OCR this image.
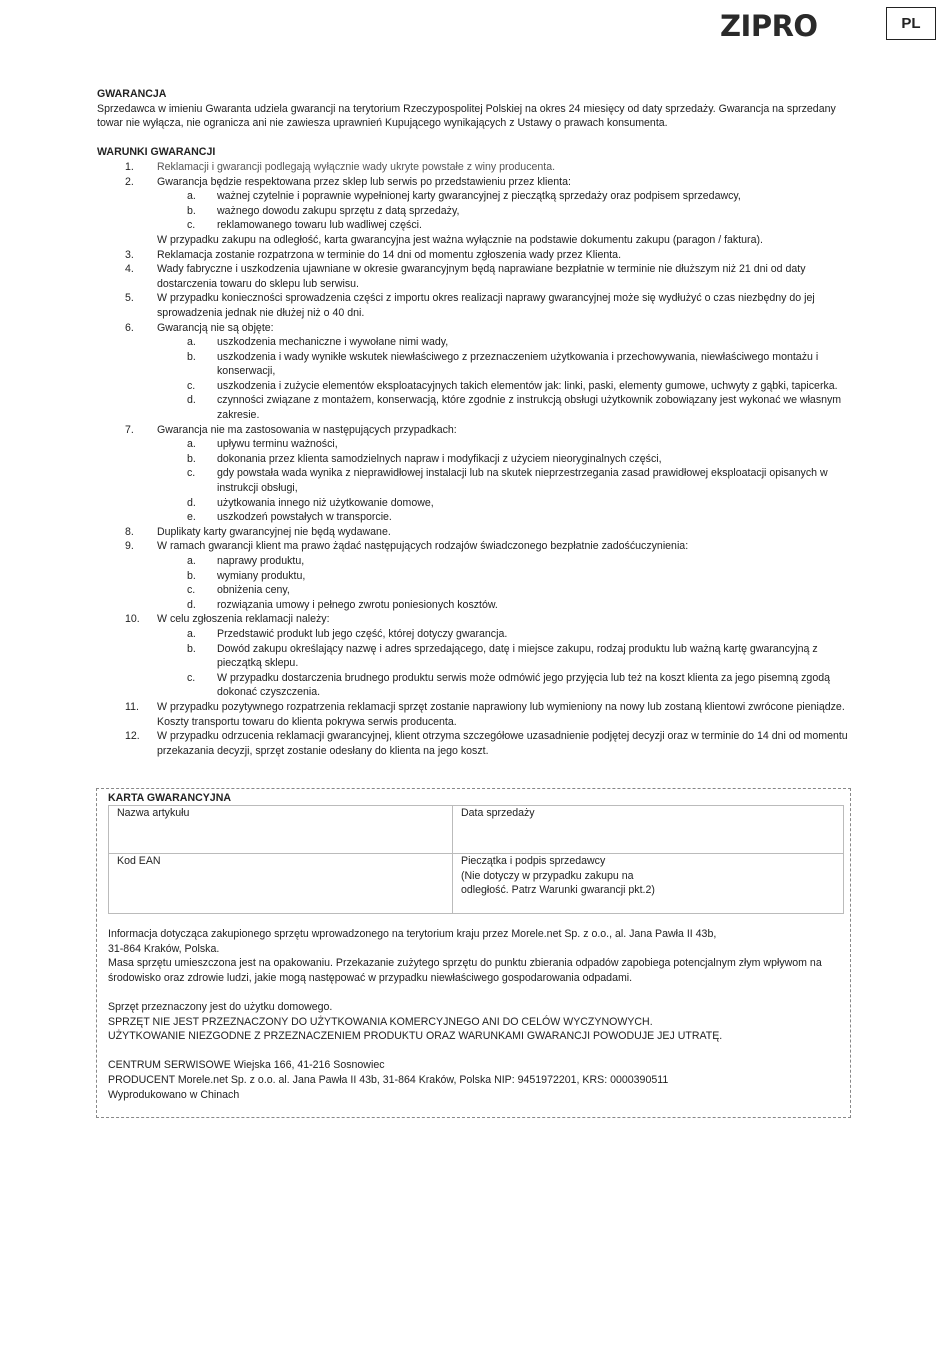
ZIPRO	PL
GWARANCJA

Sprzedawca w imieniu Gwaranta udziela gwarancji na terytorium Rzeczypospolitej Polskiej na okres 24 miesięcy od daty sprzedaży. Gwarancja na sprzedany towar nie wyłącza, nie ogranicza ani nie zawiesza uprawnień Kupującego wynikających z Ustawy o prawach konsumenta.

WARUNKI GWARANCJI
1. Reklamacji i gwarancji podlegają wyłącznie wady ukryte powstałe z winy producenta.
2. Gwarancja będzie respektowana przez sklep lub serwis po przedstawieniu przez klienta:
a. ważnej czytelnie i poprawnie wypełnionej karty gwarancyjnej z pieczątką sprzedaży oraz podpisem sprzedawcy,
b. ważnego dowodu zakupu sprzętu z datą sprzedaży,
c. reklamowanego towaru lub wadliwej części.
W przypadku zakupu na odległość, karta gwarancyjna jest ważna wyłącznie na podstawie dokumentu zakupu (paragon / faktura).
3. Reklamacja zostanie rozpatrzona w terminie do 14 dni od momentu zgłoszenia wady przez Klienta.
4. Wady fabryczne i uszkodzenia ujawniane w okresie gwarancyjnym będą naprawiane bezpłatnie w terminie nie dłuższym niż 21 dni od daty dostarczenia towaru do sklepu lub serwisu.
5. W przypadku konieczności sprowadzenia części z importu okres realizacji naprawy gwarancyjnej może się wydłużyć o czas niezbędny do jej sprowadzenia jednak nie dłużej niż o 40 dni.
6. Gwarancją nie są objęte:
a. uszkodzenia mechaniczne i wywołane nimi wady,
b. uszkodzenia i wady wynikłe wskutek niewłaściwego z przeznaczeniem użytkowania i przechowywania, niewłaściwego montażu i konserwacji,
c. uszkodzenia i zużycie elementów eksploatacyjnych takich elementów jak: linki, paski, elementy gumowe, uchwyty z gąbki, tapicerka.
d. czynności związane z montażem, konserwacją, które zgodnie z instrukcją obsługi użytkownik zobowiązany jest wykonać we własnym zakresie.
7. Gwarancja nie ma zastosowania w następujących przypadkach:
a. upływu terminu ważności,
b. dokonania przez klienta samodzielnych napraw i modyfikacji z użyciem nieoryginalnych części,
c. gdy powstała wada wynika z nieprawidłowej instalacji lub na skutek nieprzestrzegania zasad prawidłowej eksploatacji opisanych w instrukcji obsługi,
d. użytkowania innego niż użytkowanie domowe,
e. uszkodzeń powstałych w transporcie.
8. Duplikaty karty gwarancyjnej nie będą wydawane.
9. W ramach gwarancji klient ma prawo żądać następujących rodzajów świadczonego bezpłatnie zadośćuczynienia:
a. naprawy produktu,
b. wymiany produktu,
c. obniżenia ceny,
d. rozwiązania umowy i pełnego zwrotu poniesionych kosztów.
10. W celu zgłoszenia reklamacji należy:
a. Przedstawić produkt lub jego część, której dotyczy gwarancja.
b. Dowód zakupu określający nazwę i adres sprzedającego, datę i miejsce zakupu, rodzaj produktu lub ważną kartę gwarancyjną z pieczątką sklepu.
c. W przypadku dostarczenia brudnego produktu serwis może odmówić jego przyjęcia lub też na koszt klienta za jego pisemną zgodą dokonać czyszczenia.
11. W przypadku pozytywnego rozpatrzenia reklamacji sprzęt zostanie naprawiony lub wymieniony na nowy lub zostaną klientowi zwrócone pieniądze. Koszty transportu towaru do klienta pokrywa serwis producenta.
12. W przypadku odrzucenia reklamacji gwarancyjnej, klient otrzyma szczegółowe uzasadnienie podjętej decyzji oraz w terminie do 14 dni od momentu przekazania decyzji, sprzęt zostanie odesłany do klienta na jego koszt.
KARTA GWARANCYJNA
Nazwa artykułu	Data sprzedaży
Kod EAN	Pieczątka i podpis sprzedawcy
(Nie dotyczy w przypadku zakupu na
odległość. Patrz Warunki gwarancji pkt.2)
Informacja dotycząca zakupionego sprzętu wprowadzonego na terytorium kraju przez Morele.net Sp. z o.o., al. Jana Pawła II 43b,
31-864 Kraków, Polska.
Masa sprzętu umieszczona jest na opakowaniu. Przekazanie zużytego sprzętu do punktu zbierania odpadów zapobiega potencjalnym złym wpływom na środowisko oraz zdrowie ludzi, jakie mogą następować w przypadku niewłaściwego gospodarowania odpadami.
Sprzęt przeznaczony jest do użytku domowego.
SPRZĘT NIE JEST PRZEZNACZONY DO UŻYTKOWANIA KOMERCYJNEGO ANI DO CELÓW WYCZYNOWYCH.
UŻYTKOWANIE NIEZGODNE Z PRZEZNACZENIEM PRODUKTU ORAZ WARUNKAMI GWARANCJI POWODUJE JEJ UTRATĘ.
CENTRUM SERWISOWE Wiejska 166, 41-216 Sosnowiec
PRODUCENT Morele.net Sp. z o.o. al. Jana Pawła II 43b, 31-864 Kraków, Polska NIP: 9451972201, KRS: 0000390511
Wyprodukowano w Chinach
